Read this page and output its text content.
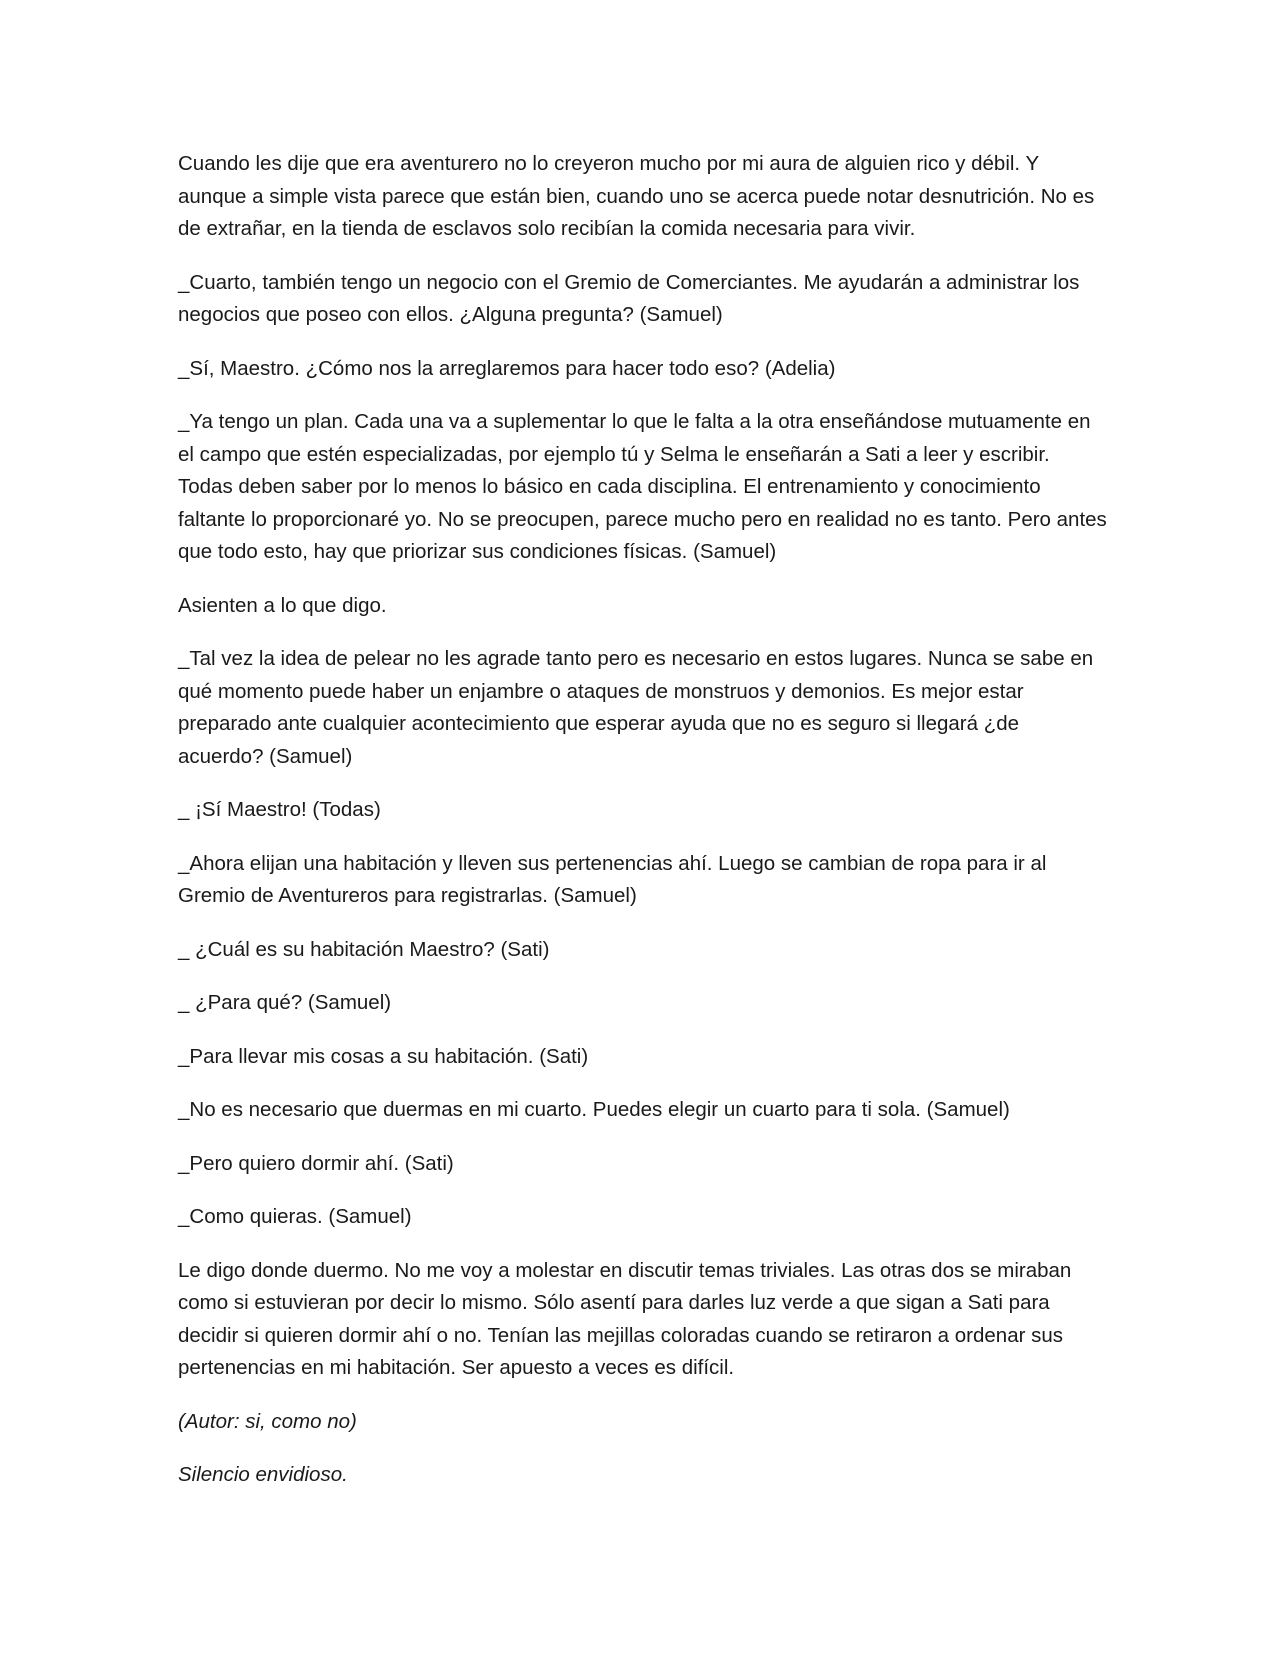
Cuando les dije que era aventurero no lo creyeron mucho por mi aura de alguien rico y débil. Y aunque a simple vista parece que están bien, cuando uno se acerca puede notar desnutrición. No es de extrañar, en la tienda de esclavos solo recibían la comida necesaria para vivir.

_Cuarto, también tengo un negocio con el Gremio de Comerciantes. Me ayudarán a administrar los negocios que poseo con ellos. ¿Alguna pregunta? (Samuel)

_Sí, Maestro. ¿Cómo nos la arreglaremos para hacer todo eso? (Adelia)

_Ya tengo un plan. Cada una va a suplementar lo que le falta a la otra enseñándose mutuamente en el campo que estén especializadas, por ejemplo tú y Selma le enseñarán a Sati a leer y escribir. Todas deben saber por lo menos lo básico en cada disciplina. El entrenamiento y conocimiento faltante lo proporcionaré yo. No se preocupen, parece mucho pero en realidad no es tanto. Pero antes que todo esto, hay que priorizar sus condiciones físicas. (Samuel)

Asienten a lo que digo.

_Tal vez la idea de pelear no les agrade tanto pero es necesario en estos lugares. Nunca se sabe en qué momento puede haber un enjambre o ataques de monstruos y demonios. Es mejor estar preparado ante cualquier acontecimiento que esperar ayuda que no es seguro si llegará ¿de acuerdo? (Samuel)

_ ¡Sí Maestro! (Todas)

_Ahora elijan una habitación y lleven sus pertenencias ahí. Luego se cambian de ropa para ir al Gremio de Aventureros para registrarlas. (Samuel)

_ ¿Cuál es su habitación Maestro? (Sati)

_ ¿Para qué? (Samuel)

_Para llevar mis cosas a su habitación. (Sati)

_No es necesario que duermas en mi cuarto. Puedes elegir un cuarto para ti sola. (Samuel)

_Pero quiero dormir ahí. (Sati)

_Como quieras. (Samuel)

Le digo donde duermo. No me voy a molestar en discutir temas triviales. Las otras dos se miraban como si estuvieran por decir lo mismo. Sólo asentí para darles luz verde a que sigan a Sati para decidir si quieren dormir ahí o no. Tenían las mejillas coloradas cuando se retiraron a ordenar sus pertenencias en mi habitación. Ser apuesto a veces es difícil.

(Autor: si, como no)

Silencio envidioso.
